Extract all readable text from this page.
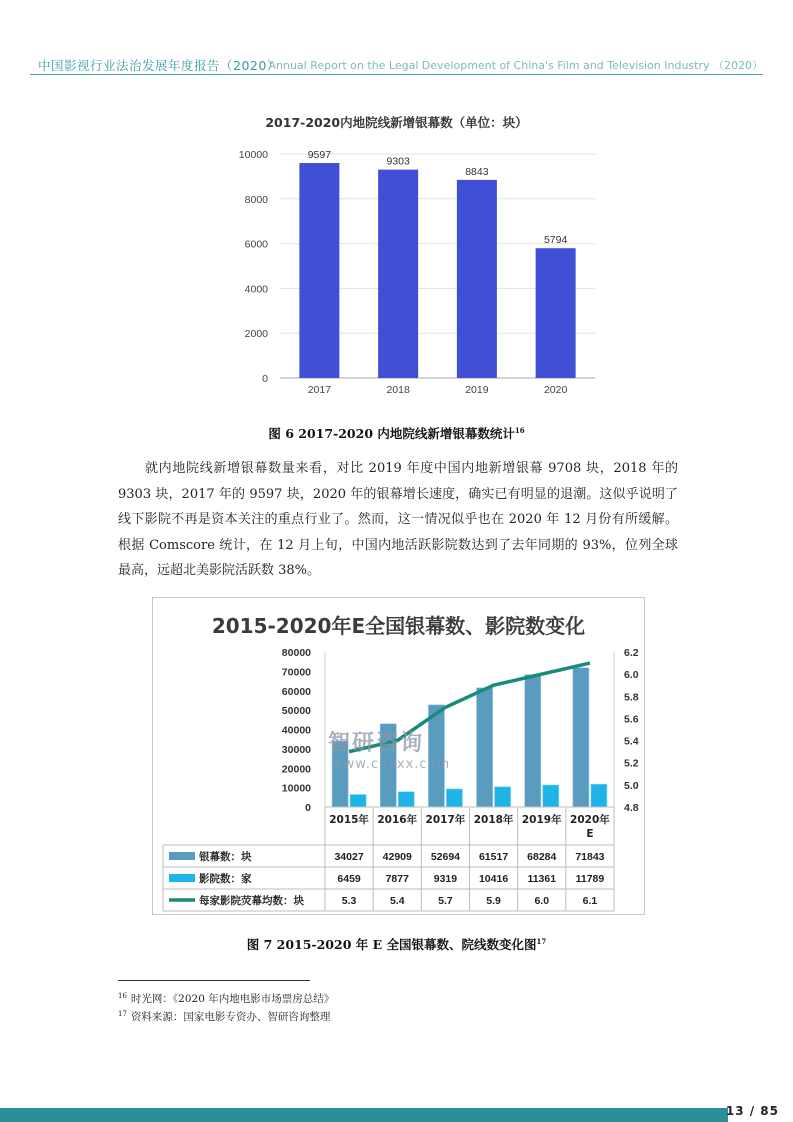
中国影视行业法治发展年度报告（2020）
Annual Report on the Legal Development of China's Film and Television Industry （2020）
2017-2020内地院线新增银幕数（单位：块）
0
2000
4000
6000
8000
10000	9597
2017
9303
2018
8843
2019
5794
2020
图 6 2017-2020 内地院线新增银幕数统计$^{16}$
就内地院线新增银幕数量来看，对比 2019 年度中国内地新增银幕 9708 块，2018 年的 9303 块，2017 年的 9597 块，2020 年的银幕增长速度，确实已有明显的退潮。这似乎说明了线下影院不再是资本关注的重点行业了。然而，这一情况似乎也在 2020 年 12 月份有所缓解。根据 Comscore 统计，在 12 月上旬，中国内地活跃影院数达到了去年同期的 93%，位列全球最高，远超北美影院活跃数 38%。
0
10000
20000
30000
40000
50000
60000
70000
80000
4.8
5.0
5.2
5.4
5.6
5.8
6.0
6.2
2015年 2016年 2017年 2018年 2019年 2020年 E
银幕数：块	34027 42909 52694 61517 68284 71843
影院数：家	6459 7877 9319 10416 11361 11789
每家影院荧幕均数：块	5.3	5.4	5.7	5.9	6.0	6.1
2015-2020年E全国银幕数、影院数变化
智研咨询
www.chyxx.com
图 7 2015-2020 年 E 全国银幕数、院线数变化图$^{17}$
$^{16}$ 时光网：《2020 年内地电影市场票房总结》
$^{17}$ 资料来源：国家电影专资办、智研咨询整理
13 / 85
